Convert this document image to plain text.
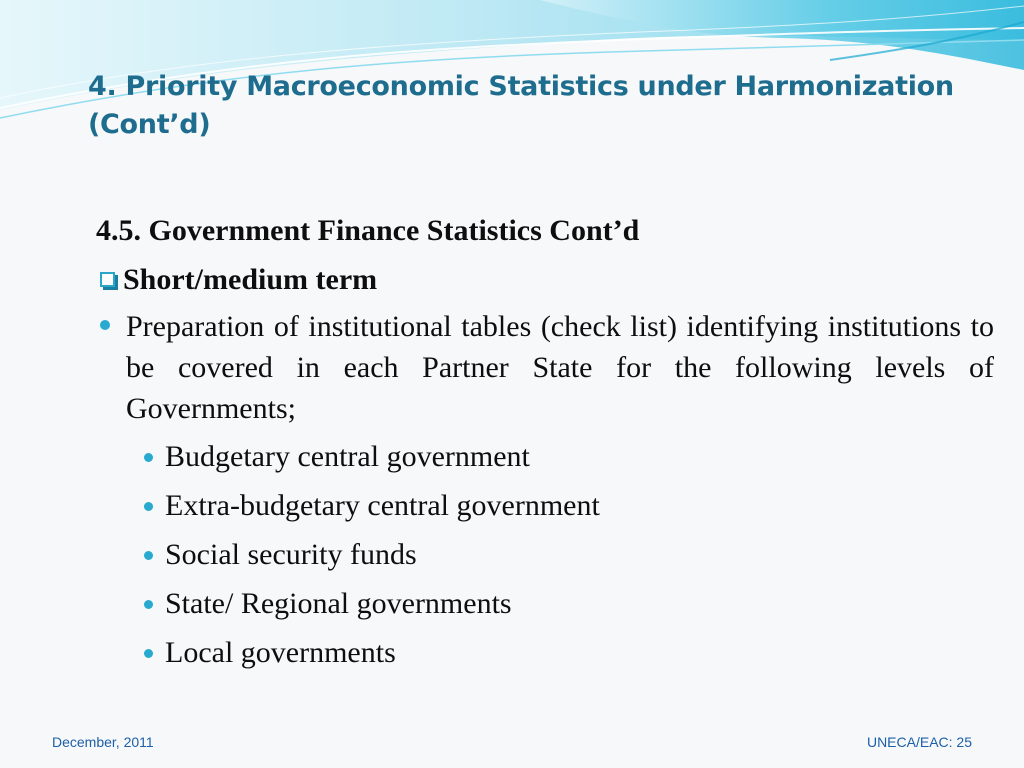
4. Priority Macroeconomic Statistics under Harmonization
(Cont’d)
4.5. Government Finance Statistics Cont’d
Short/medium term
Preparation of institutional tables (check list) identifying institutions to be covered in each Partner State for the following levels of Governments;
Budgetary central government
Extra-budgetary central government
Social security funds
State/ Regional governments
Local governments
December, 2011	UNECA/EAC: 25
